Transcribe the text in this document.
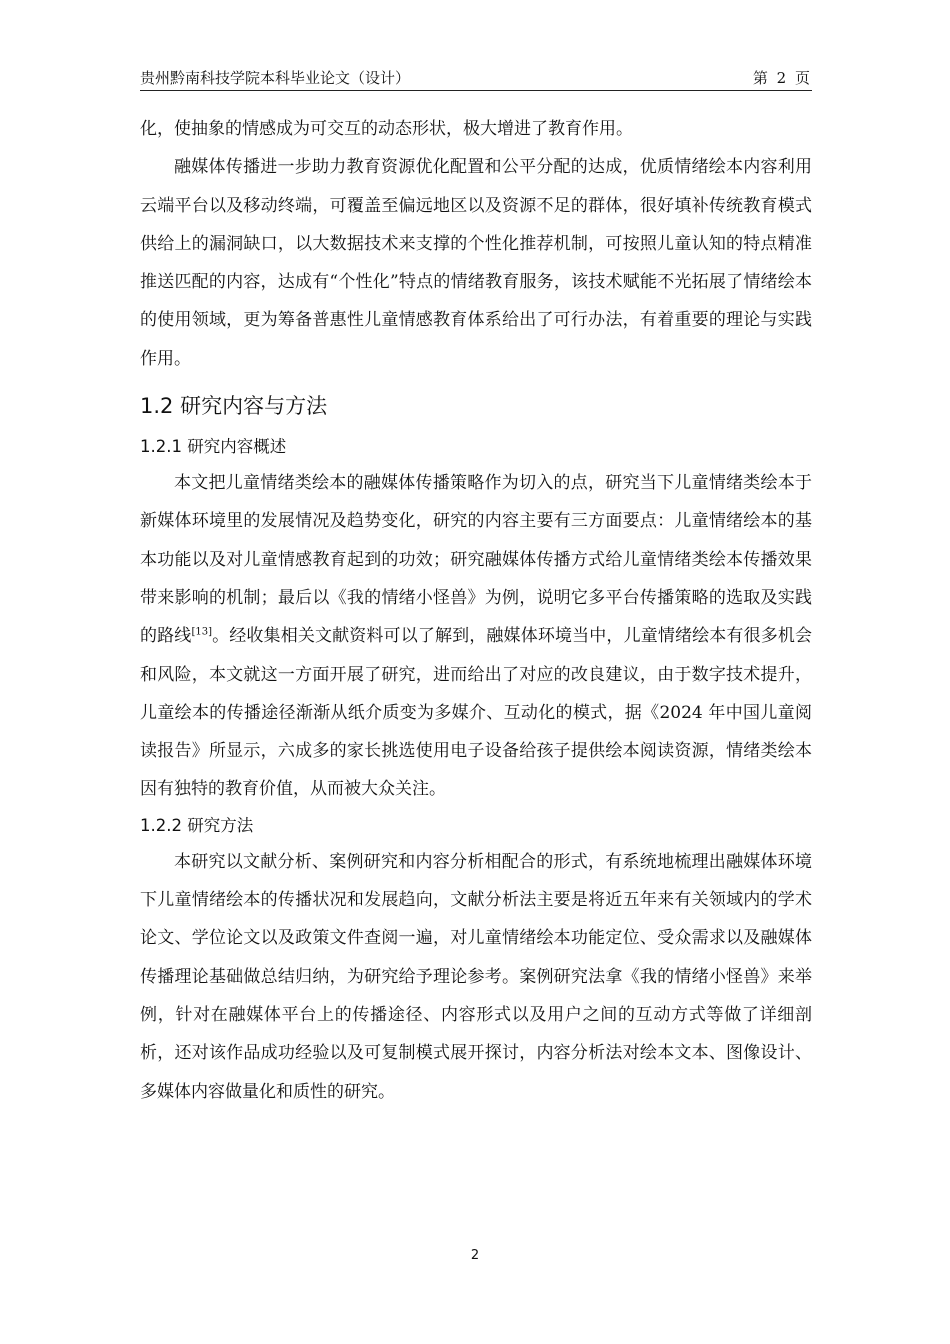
贵州黔南科技学院本科毕业论文（设计）	第 2 页

化，使抽象的情感成为可交互的动态形状，极大增进了教育作用。

融媒体传播进一步助力教育资源优化配置和公平分配的达成，优质情绪绘本内容利用云端平台以及移动终端，可覆盖至偏远地区以及资源不足的群体，很好填补传统教育模式供给上的漏洞缺口，以大数据技术来支撑的个性化推荐机制，可按照儿童认知的特点精准推送匹配的内容，达成有“个性化”特点的情绪教育服务，该技术赋能不光拓展了情绪绘本的使用领域，更为筹备普惠性儿童情感教育体系给出了可行办法，有着重要的理论与实践作用。

1.2 研究内容与方法
1.2.1 研究内容概述

本文把儿童情绪类绘本的融媒体传播策略作为切入的点，研究当下儿童情绪类绘本于新媒体环境里的发展情况及趋势变化，研究的内容主要有三方面要点：儿童情绪绘本的基本功能以及对儿童情感教育起到的功效；研究融媒体传播方式给儿童情绪类绘本传播效果带来影响的机制；最后以《我的情绪小怪兽》为例，说明它多平台传播策略的选取及实践的路线[13]。经收集相关文献资料可以了解到，融媒体环境当中，儿童情绪绘本有很多机会和风险，本文就这一方面开展了研究，进而给出了对应的改良建议，由于数字技术提升，儿童绘本的传播途径渐渐从纸介质变为多媒介、互动化的模式，据《2024 年中国儿童阅读报告》所显示，六成多的家长挑选使用电子设备给孩子提供绘本阅读资源，情绪类绘本因有独特的教育价值，从而被大众关注。

1.2.2 研究方法

本研究以文献分析、案例研究和内容分析相配合的形式，有系统地梳理出融媒体环境下儿童情绪绘本的传播状况和发展趋向，文献分析法主要是将近五年来有关领域内的学术论文、学位论文以及政策文件查阅一遍，对儿童情绪绘本功能定位、受众需求以及融媒体传播理论基础做总结归纳，为研究给予理论参考。案例研究法拿《我的情绪小怪兽》来举例，针对在融媒体平台上的传播途径、内容形式以及用户之间的互动方式等做了详细剖析，还对该作品成功经验以及可复制模式展开探讨，内容分析法对绘本文本、图像设计、多媒体内容做量化和质性的研究。

2
